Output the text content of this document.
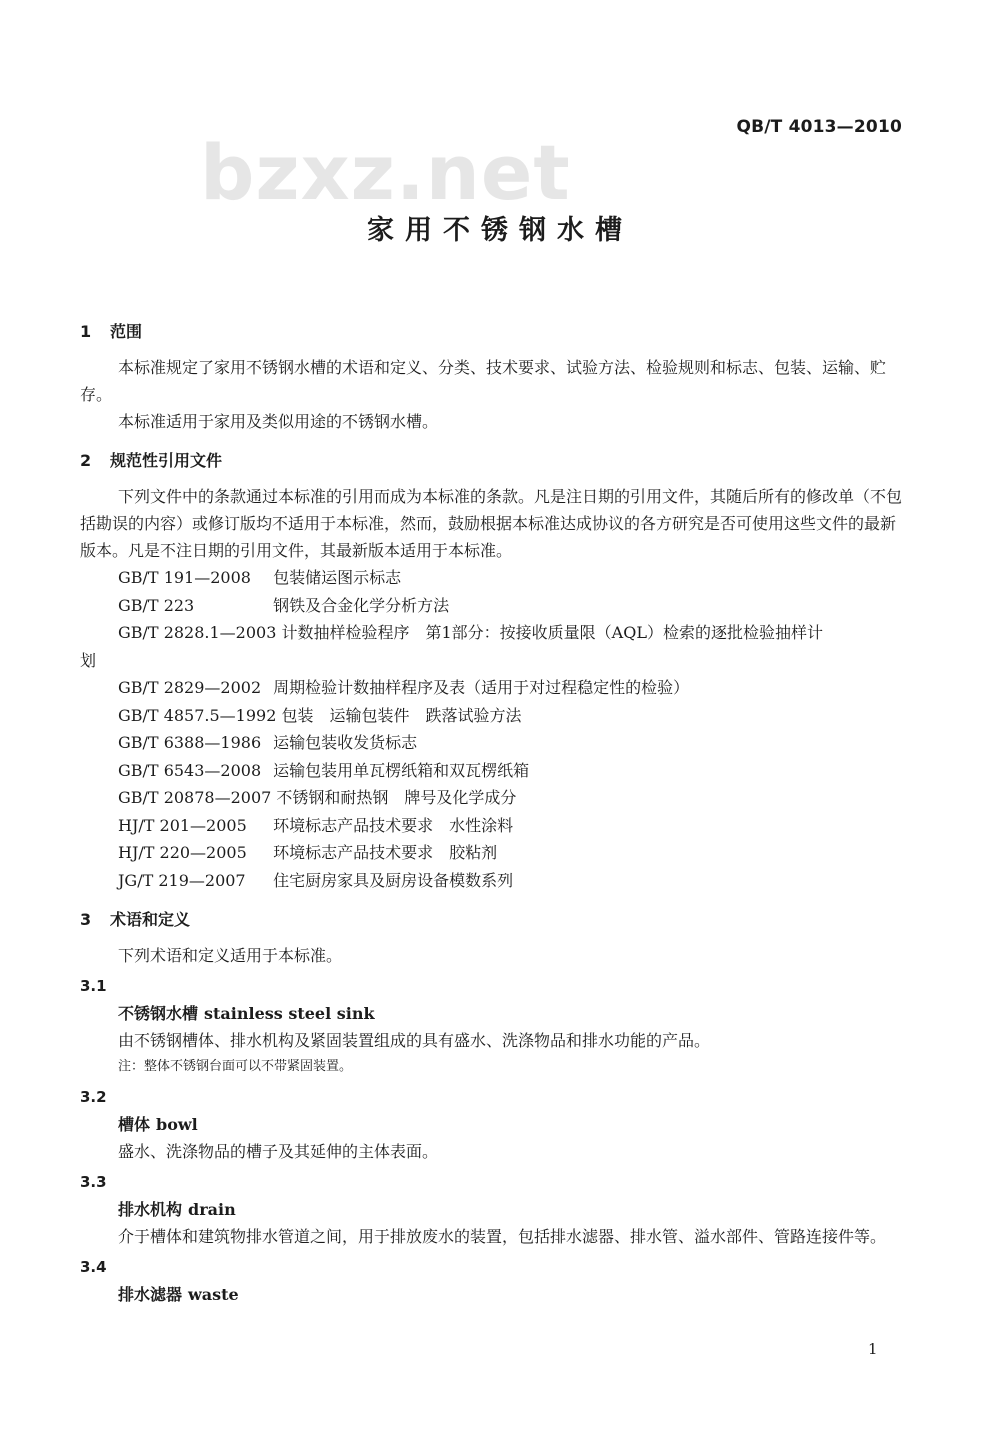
bzxz.net
QB/T 4013—2010
家用不锈钢水槽
1 范围

本标准规定了家用不锈钢水槽的术语和定义、分类、技术要求、试验方法、检验规则和标志、包装、运输、贮存。

本标准适用于家用及类似用途的不锈钢水槽。

2 规范性引用文件

下列文件中的条款通过本标准的引用而成为本标准的条款。凡是注日期的引用文件，其随后所有的修改单（不包括勘误的内容）或修订版均不适用于本标准，然而，鼓励根据本标准达成协议的各方研究是否可使用这些文件的最新版本。凡是不注日期的引用文件，其最新版本适用于本标准。

GB/T 191—2008 包装储运图示标志

GB/T 223	钢铁及合金化学分析方法

GB/T 2828.1—2003 计数抽样检验程序　第1部分：按接收质量限（AQL）检索的逐批检验抽样计
划

GB/T 2829—2002 周期检验计数抽样程序及表（适用于对过程稳定性的检验）

GB/T 4857.5—1992 包装　运输包装件　跌落试验方法

GB/T 6388—1986 运输包装收发货标志

GB/T 6543—2008 运输包装用单瓦楞纸箱和双瓦楞纸箱

GB/T 20878—2007 不锈钢和耐热钢　牌号及化学成分

HJ/T 201—2005 环境标志产品技术要求　水性涂料

HJ/T 220—2005 环境标志产品技术要求　胶粘剂

JG/T 219—2007 住宅厨房家具及厨房设备模数系列

3 术语和定义

下列术语和定义适用于本标准。

3.1
不锈钢水槽 stainless steel sink

由不锈钢槽体、排水机构及紧固装置组成的具有盛水、洗涤物品和排水功能的产品。

注：整体不锈钢台面可以不带紧固装置。
3.2
槽体 bowl

盛水、洗涤物品的槽子及其延伸的主体表面。

3.3
排水机构 drain

介于槽体和建筑物排水管道之间，用于排放废水的装置，包括排水滤器、排水管、溢水部件、管路连接件等。

3.4
排水滤器 waste
1
